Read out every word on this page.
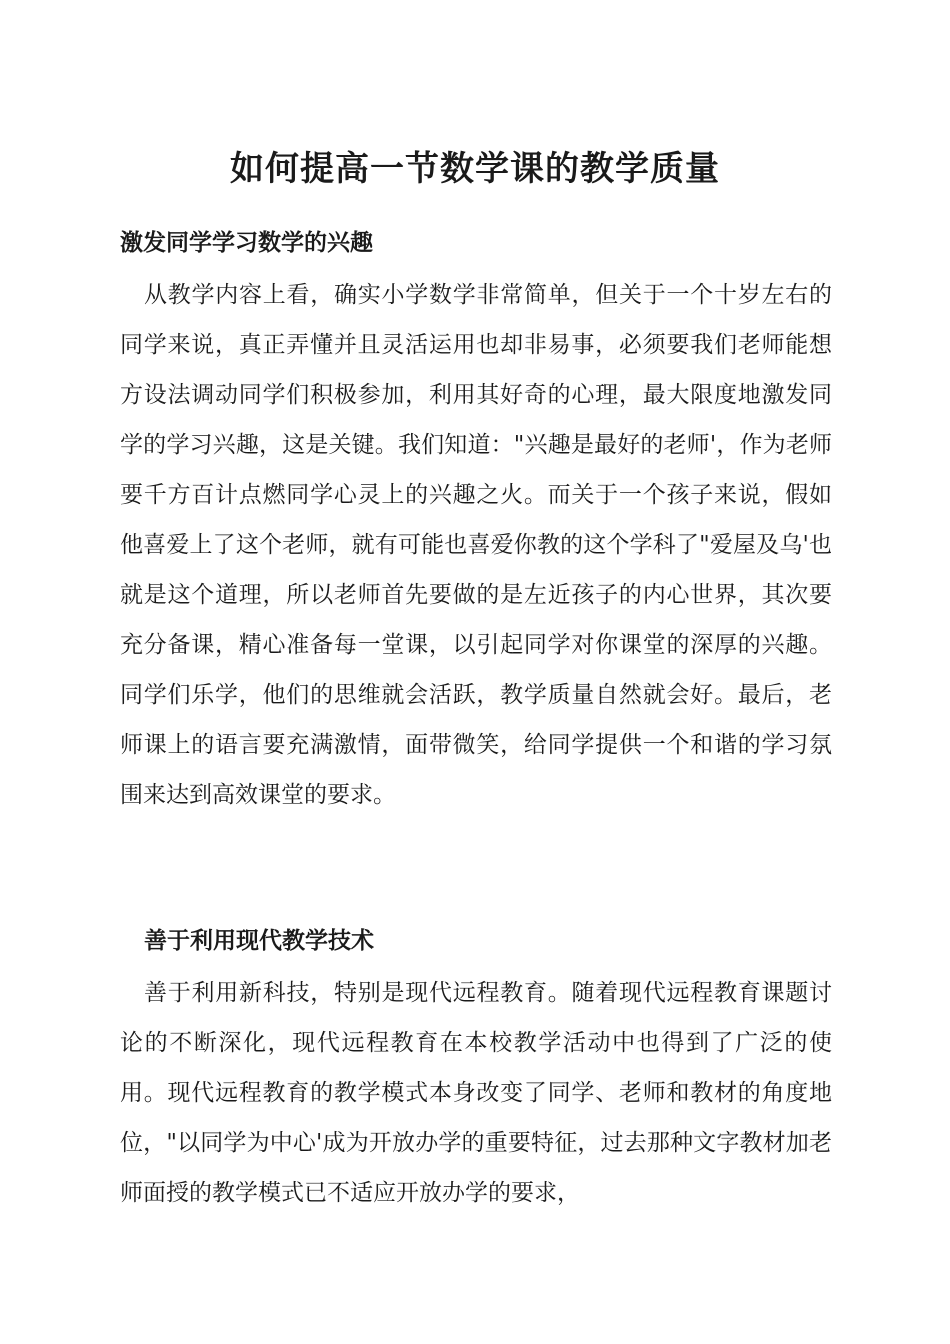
如何提高一节数学课的教学质量
激发同学学习数学的兴趣

从教学内容上看，确实小学数学非常简单，但关于一个十岁左右的同学来说，真正弄懂并且灵活运用也却非易事，必须要我们老师能想方设法调动同学们积极参加，利用其好奇的心理，最大限度地激发同学的学习兴趣，这是关键。我们知道："兴趣是最好的老师'，作为老师要千方百计点燃同学心灵上的兴趣之火。而关于一个孩子来说，假如他喜爱上了这个老师，就有可能也喜爱你教的这个学科了"爱屋及乌'也就是这个道理，所以老师首先要做的是左近孩子的内心世界，其次要充分备课，精心准备每一堂课，以引起同学对你课堂的深厚的兴趣。同学们乐学，他们的思维就会活跃，教学质量自然就会好。最后，老师课上的语言要充满激情，面带微笑，给同学提供一个和谐的学习氛围来达到高效课堂的要求。

善于利用现代教学技术

善于利用新科技，特别是现代远程教育。随着现代远程教育课题讨论的不断深化，现代远程教育在本校教学活动中也得到了广泛的使用。现代远程教育的教学模式本身改变了同学、老师和教材的角度地位，"以同学为中心'成为开放办学的重要特征，过去那种文字教材加老师面授的教学模式已不适应开放办学的要求，
